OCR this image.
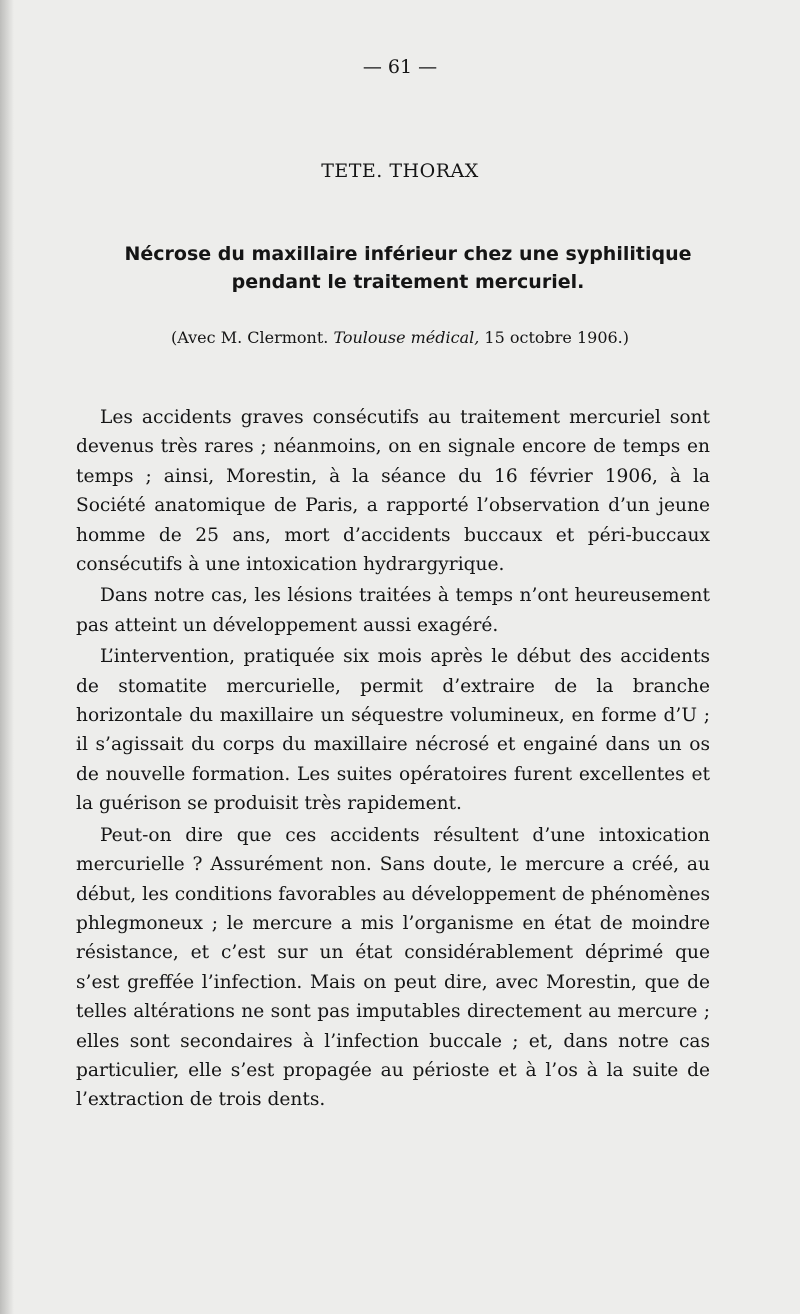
— 61 —
TETE. THORAX
Nécrose du maxillaire inférieur chez une syphilitique
pendant le traitement mercuriel.
(Avec M. Clermont. Toulouse médical, 15 octobre 1906.)

Les accidents graves consécutifs au traitement mercuriel sont devenus très rares ; néanmoins, on en signale encore de temps en temps ; ainsi, Morestin, à la séance du 16 février 1906, à la Société anatomique de Paris, a rapporté l’observation d’un jeune homme de 25 ans, mort d’accidents buccaux et péri-buccaux consécutifs à une intoxication hydrargyrique.

Dans notre cas, les lésions traitées à temps n’ont heureusement pas atteint un développement aussi exagéré.

L’intervention, pratiquée six mois après le début des accidents de stomatite mercurielle, permit d’extraire de la branche horizontale du maxillaire un séquestre volumineux, en forme d’U ; il s’agissait du corps du maxillaire nécrosé et engainé dans un os de nouvelle formation. Les suites opératoires furent excellentes et la guérison se produisit très rapidement.

Peut-on dire que ces accidents résultent d’une intoxication mercurielle ? Assurément non. Sans doute, le mercure a créé, au début, les conditions favorables au développement de phénomènes phlegmoneux ; le mercure a mis l’organisme en état de moindre résistance, et c’est sur un état considérablement déprimé que s’est greffée l’infection. Mais on peut dire, avec Morestin, que de telles altérations ne sont pas imputables directement au mercure ; elles sont secondaires à l’infection buccale ; et, dans notre cas particulier, elle s’est propagée au périoste et à l’os à la suite de l’extraction de trois dents.
